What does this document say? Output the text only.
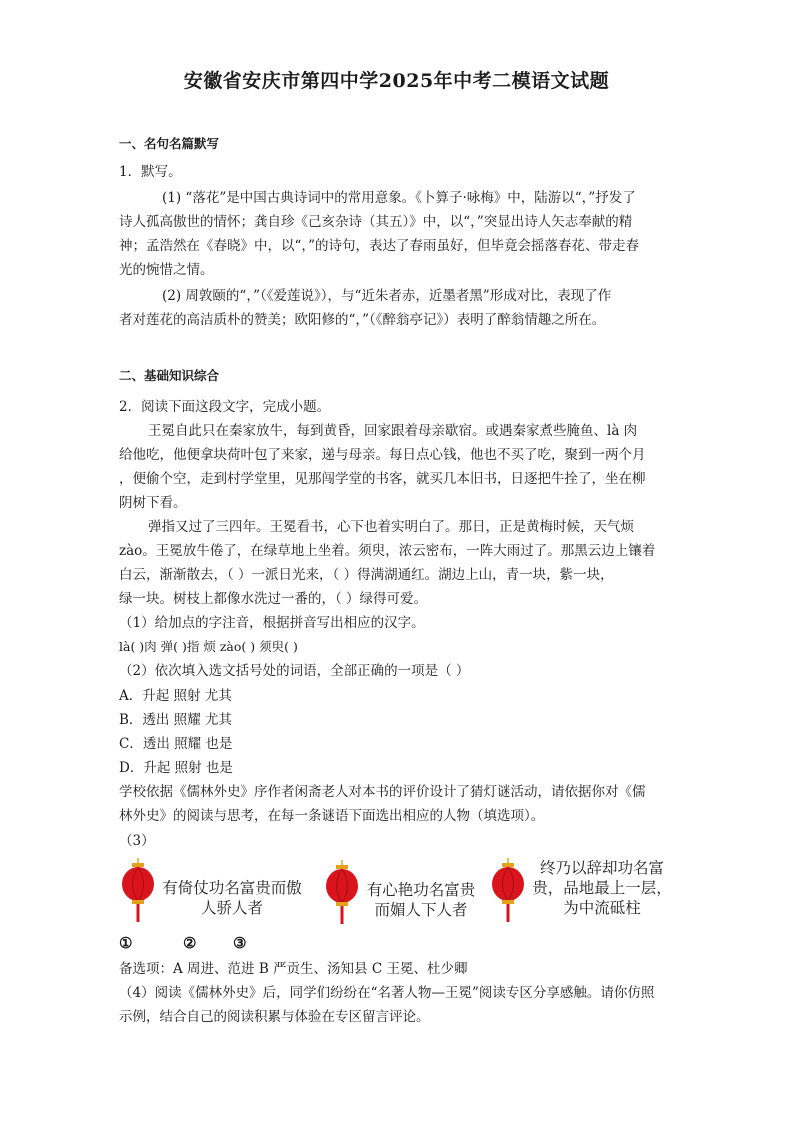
安徽省安庆市第四中学2025年中考二模语文试题
一、名句名篇默写
1．默写。
(1) “落花”是中国古典诗词中的常用意象。《卜算子·咏梅》中，陆游以“，”抒发了
诗人孤高傲世的情怀；龚自珍《己亥杂诗（其五）》中，以“，”突显出诗人矢志奉献的精
神；孟浩然在《春晓》中，以“，”的诗句，表达了春雨虽好，但毕竟会摇落春花、带走春
光的惋惜之情。
(2) 周敦颐的“，”（《爱莲说》），与“近朱者赤，近墨者黑”形成对比，表现了作
者对莲花的高洁质朴的赞美；欧阳修的“，”（《醉翁亭记》）表明了醉翁情趣之所在。
二、基础知识综合
2．阅读下面这段文字，完成小题。
王冕自此只在秦家放牛，每到黄昏，回家跟着母亲歇宿。或遇秦家煮些腌鱼、là 肉
给他吃，他便拿块荷叶包了来家，递与母亲。每日点心钱，他也不买了吃，聚到一两个月
，便偷个空，走到村学堂里，见那闯学堂的书客，就买几本旧书，日逐把牛拴了，坐在柳
阴树下看。
弹指又过了三四年。王冕看书，心下也着实明白了。那日，正是黄梅时候，天气烦
zào。王冕放牛倦了，在绿草地上坐着。须臾，浓云密布，一阵大雨过了。那黑云边上镶着
白云，渐渐散去，（ ）一派日光来，（ ）得满湖通红。湖边上山，青一块，紫一块，
绿一块。树枝上都像水洗过一番的，（ ）绿得可爱。
（1）给加点的字注音，根据拼音写出相应的汉字。
là( )肉 弹( )指 烦 zào( ) 须臾( )
（2）依次填入选文括号处的词语，全部正确的一项是（ ）
A．升起 照射 尤其
B．透出 照耀 尤其
C．透出 照耀 也是
D．升起 照射 也是
学校依据《儒林外史》序作者闲斋老人对本书的评价设计了猜灯谜活动，请依据你对《儒
林外史》的阅读与思考，在每一条谜语下面选出相应的人物（填选项）。
（3）
有倚仗功名富贵而傲
人骄人者
有心艳功名富贵
而媚人下人者
终乃以辞却功名富
贵，品地最上一层，
为中流砥柱
①	② ③
备选项：A 周进、范进 B 严贡生、汤知县 C 王冕、杜少卿
（4）阅读《儒林外史》后，同学们纷纷在“名著人物—王冕”阅读专区分享感触。请你仿照
示例，结合自己的阅读积累与体验在专区留言评论。
